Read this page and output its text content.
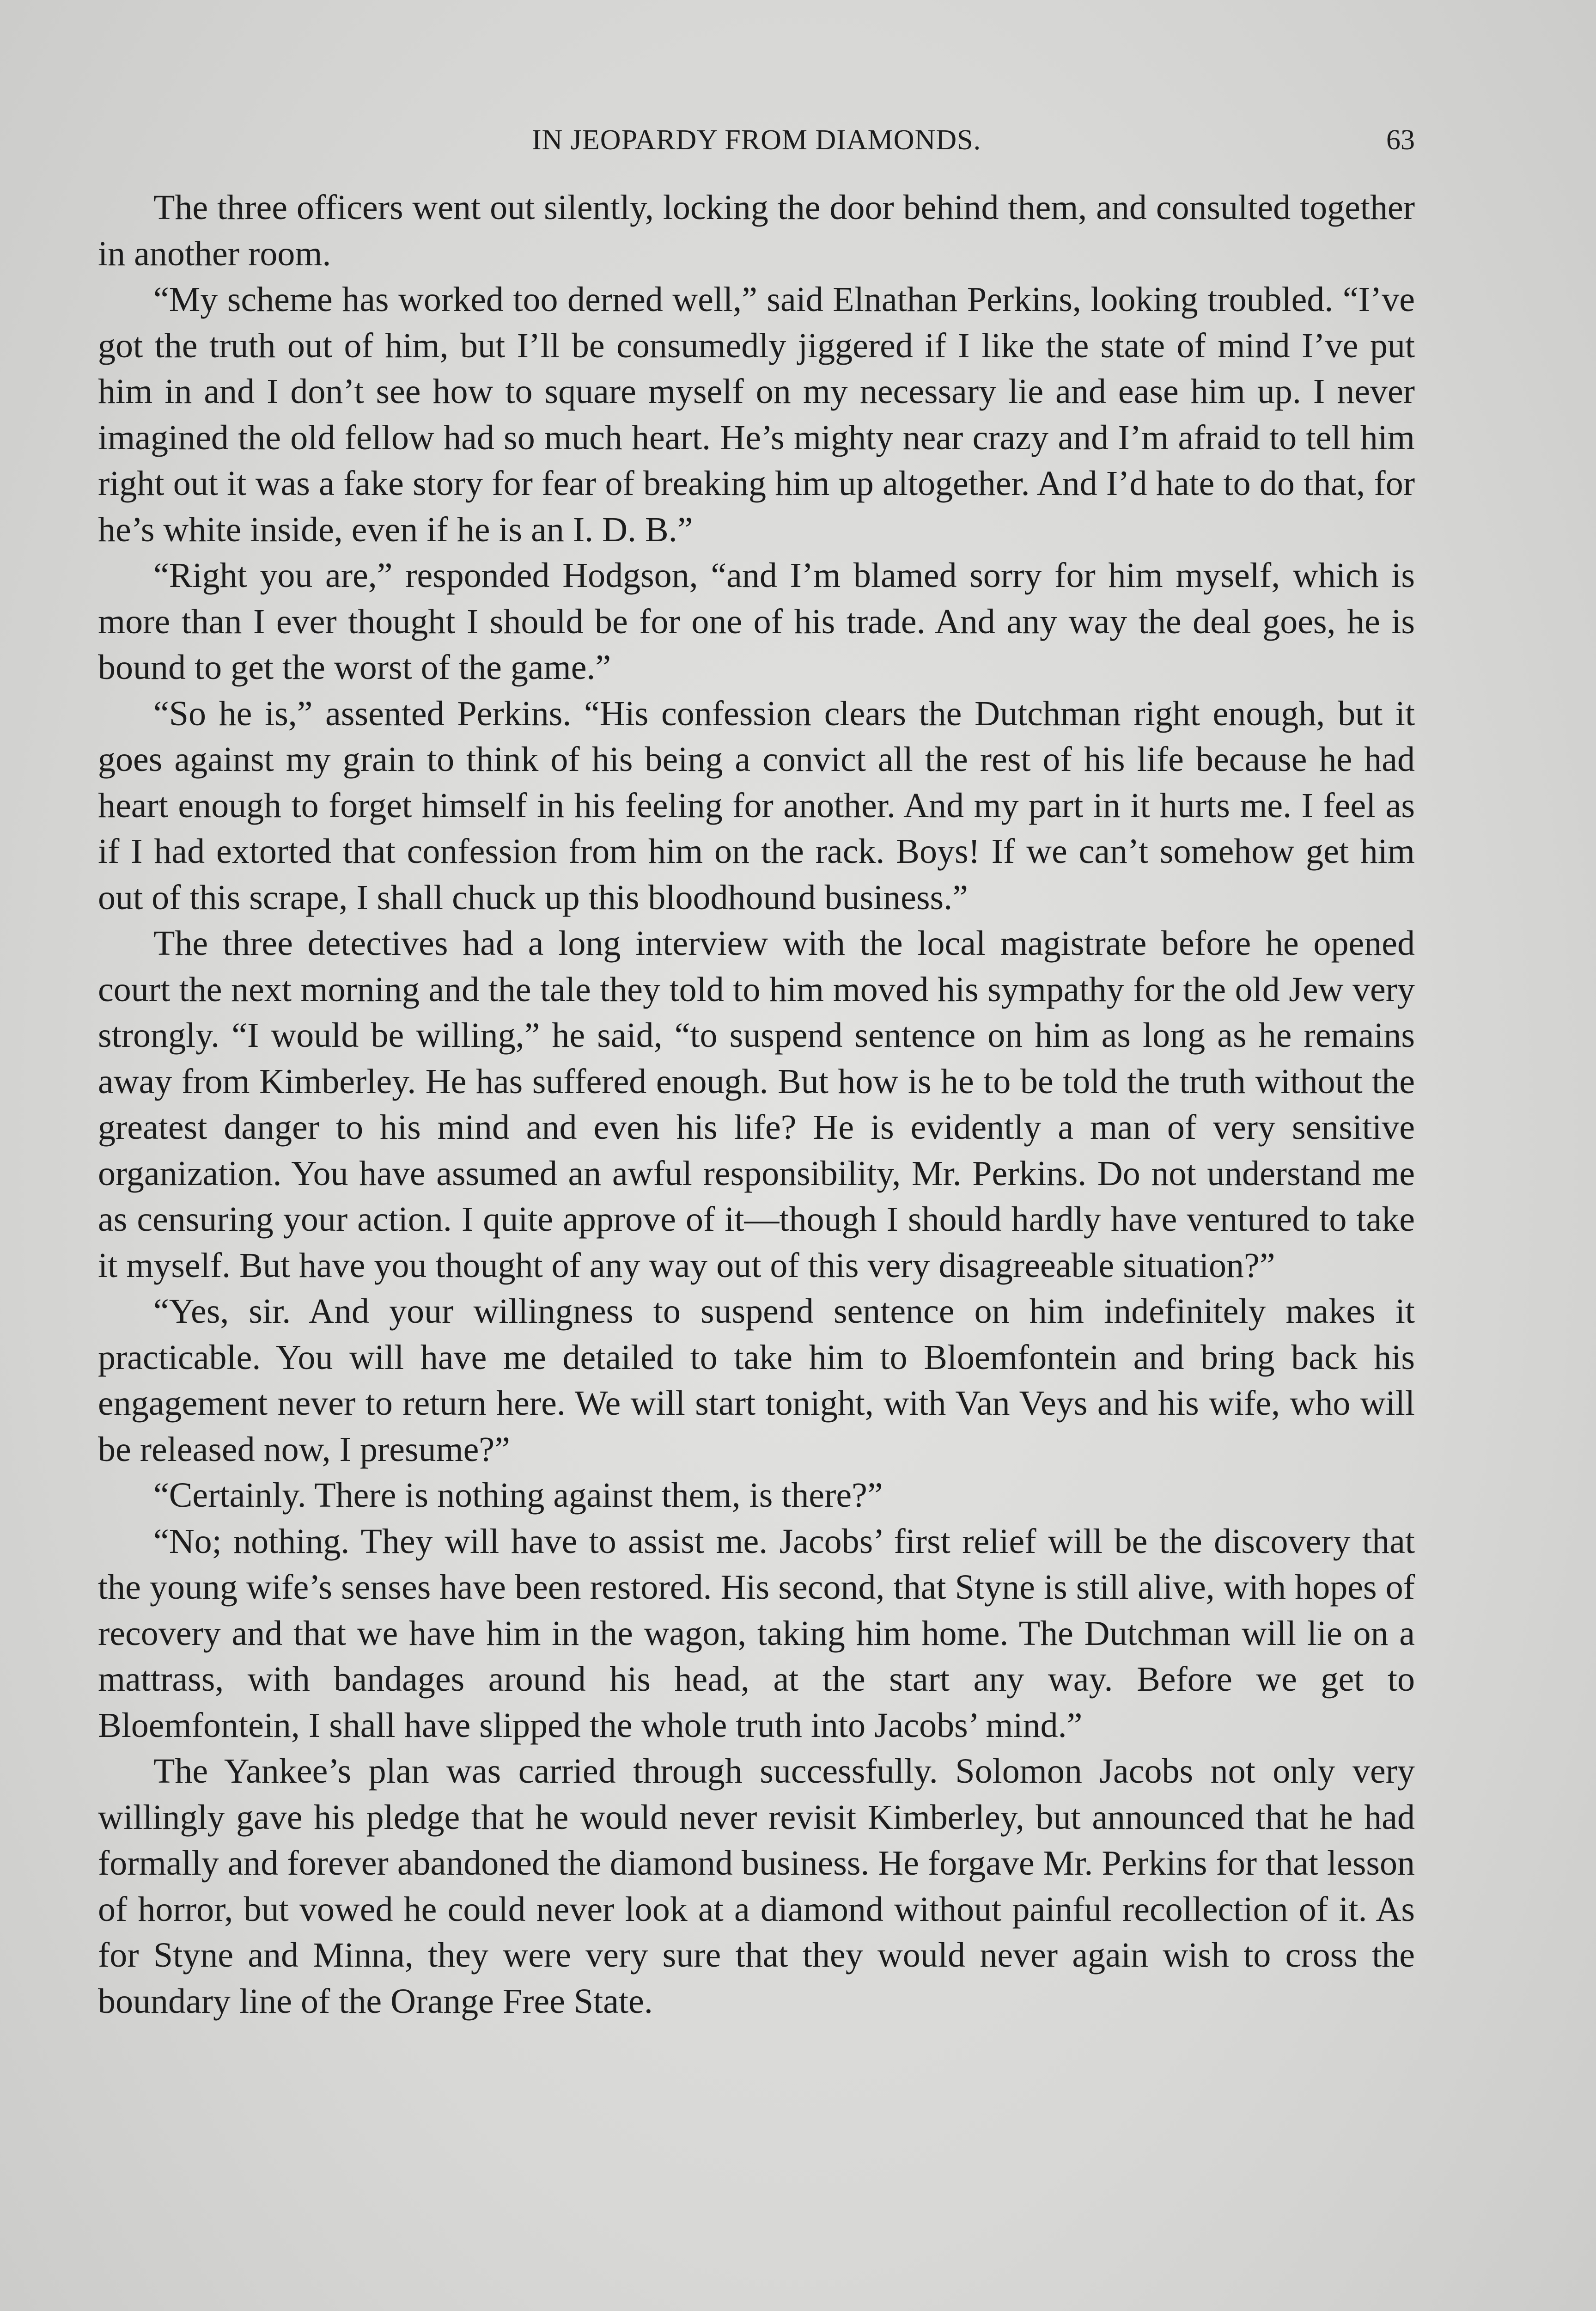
IN JEOPARDY FROM DIAMONDS.	63

The three officers went out silently, locking the door behind them, and consulted together in another room.

“My scheme has worked too derned well,” said Elnathan Perkins, looking troubled. “I’ve got the truth out of him, but I’ll be consumedly jiggered if I like the state of mind I’ve put him in and I don’t see how to square myself on my necessary lie and ease him up. I never imagined the old fellow had so much heart. He’s mighty near crazy and I’m afraid to tell him right out it was a fake story for fear of breaking him up altogether. And I’d hate to do that, for he’s white inside, even if he is an I. D. B.”

“Right you are,” responded Hodgson, “and I’m blamed sorry for him myself, which is more than I ever thought I should be for one of his trade. And any way the deal goes, he is bound to get the worst of the game.”

“So he is,” assented Perkins. “His confession clears the Dutchman right enough, but it goes against my grain to think of his being a convict all the rest of his life because he had heart enough to forget himself in his feeling for another. And my part in it hurts me. I feel as if I had extorted that confession from him on the rack. Boys! If we can’t somehow get him out of this scrape, I shall chuck up this bloodhound business.”

The three detectives had a long interview with the local magistrate before he opened court the next morning and the tale they told to him moved his sympathy for the old Jew very strongly. “I would be willing,” he said, “to suspend sentence on him as long as he remains away from Kimberley. He has suffered enough. But how is he to be told the truth without the greatest danger to his mind and even his life? He is evidently a man of very sensitive organization. You have assumed an awful responsibility, Mr. Perkins. Do not understand me as censuring your action. I quite approve of it—though I should hardly have ventured to take it myself. But have you thought of any way out of this very disagreeable situation?”

“Yes, sir. And your willingness to suspend sentence on him indefinitely makes it practicable. You will have me detailed to take him to Bloemfontein and bring back his engagement never to return here. We will start tonight, with Van Veys and his wife, who will be released now, I presume?”

“Certainly. There is nothing against them, is there?”

“No; nothing. They will have to assist me. Jacobs’ first relief will be the discovery that the young wife’s senses have been restored. His second, that Styne is still alive, with hopes of recovery and that we have him in the wagon, taking him home. The Dutchman will lie on a mattrass, with bandages around his head, at the start any way. Before we get to Bloemfontein, I shall have slipped the whole truth into Jacobs’ mind.”

The Yankee’s plan was carried through successfully. Solomon Jacobs not only very willingly gave his pledge that he would never revisit Kimberley, but announced that he had formally and forever abandoned the diamond business. He forgave Mr. Perkins for that lesson of horror, but vowed he could never look at a diamond without painful recollection of it. As for Styne and Minna, they were very sure that they would never again wish to cross the boundary line of the Orange Free State.
